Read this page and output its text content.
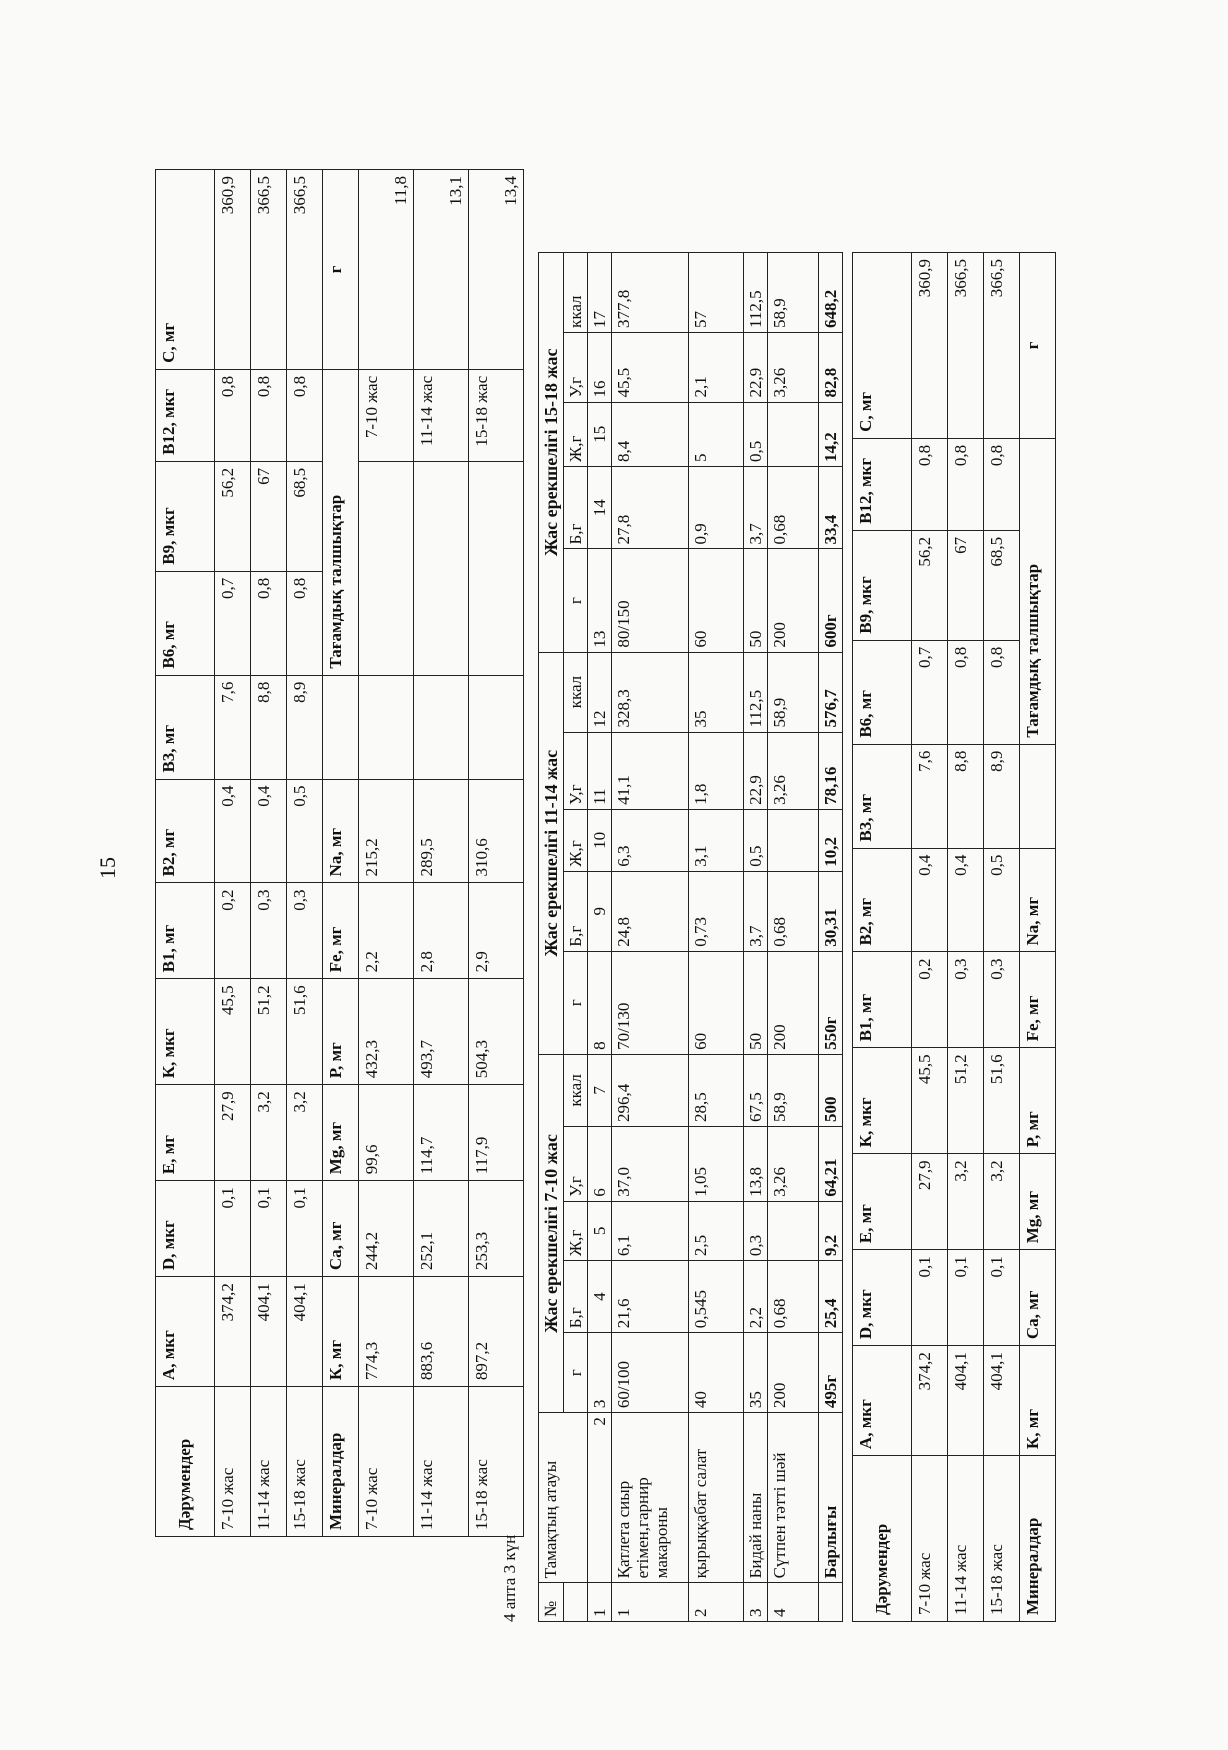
15
Дәрумендер	А, мкг	D, мкг	Е, мг	К, мкг	В1, мг	В2, мг	В3, мг	В6, мг	В9, мкг	В12, мкг	С, мг
7-10 жас	374,2	0,1	27,9	45,5	0,2	0,4	7,6	0,7	56,2	0,8	360,9
11-14 жас	404,1	0,1	3,2	51,2	0,3	0,4	8,8	0,8	67	0,8	366,5
15-18 жас	404,1	0,1	3,2	51,6	0,3	0,5	8,9	0,8	68,5	0,8	366,5
Минералдар	К, мг	Са, мг	Mg, мг	Р, мг	Fe, мг	Na, мг		Тағамдық талшықтар			г
7-10 жас	774,3	244,2	99,6	432,3	2,2	215,2				7-10 жас	11,8
11-14 жас	883,6	252,1	114,7	493,7	2,8	289,5				11-14 жас	13,1
15-18 жас	897,2	253,3	117,9	504,3	2,9	310,6				15-18 жас	13,4
4 апта 3 күн №	Тамақтың атауы	Жас ерекшелігі 7-10 жас					Жас ерекшелігі 11-14 жас					Жас ерекшелігі 15-18 жас				
		г	Б,г	Ж,г	У,г	ккал	г	Б,г	Ж,г	У,г	ккал	г	Б,г	Ж,г	У,г	ккал
1	2	3	4	5	6	7	8	9	10	11	12	13	14	15	16	17
1	Қатлета сиыр етімен,гарнир макароны	60/100	21,6	6,1	37,0	296,4	70/130	24,8	6,3	41,1	328,3	80/150	27,8	8,4	45,5	377,8
2	қырыққабат салат	40	0,545	2,5	1,05	28,5	60	0,73	3,1	1,8	35	60	0,9	5	2,1	57
3	Бидай наны	35	2,2	0,3	13,8	67,5	50	3,7	0,5	22,9	112,5	50	3,7	0,5	22,9	112,5
4	Сүтпен тәтті шәй	200	0,68		3,26	58,9	200	0,68		3,26	58,9	200	0,68		3,26	58,9
	Барлығы	495г	25,4	9,2	64,21	500	550г	30,31	10,2	78,16	576,7	600г	33,4	14,2	82,8	648,2
Дәрумендер	А, мкг	D, мкг	Е, мг	К, мкг	В1, мг	В2, мг	В3, мг	В6, мг	В9, мкг	В12, мкг	С, мг
7-10 жас	374,2	0,1	27,9	45,5	0,2	0,4	7,6	0,7	56,2	0,8	360,9
11-14 жас	404,1	0,1	3,2	51,2	0,3	0,4	8,8	0,8	67	0,8	366,5
15-18 жас	404,1	0,1	3,2	51,6	0,3	0,5	8,9	0,8	68,5	0,8	366,5
Минералдар	К, мг	Са, мг	Mg, мг	Р, мг	Fe, мг	Na, мг		Тағамдық талшықтар			г
